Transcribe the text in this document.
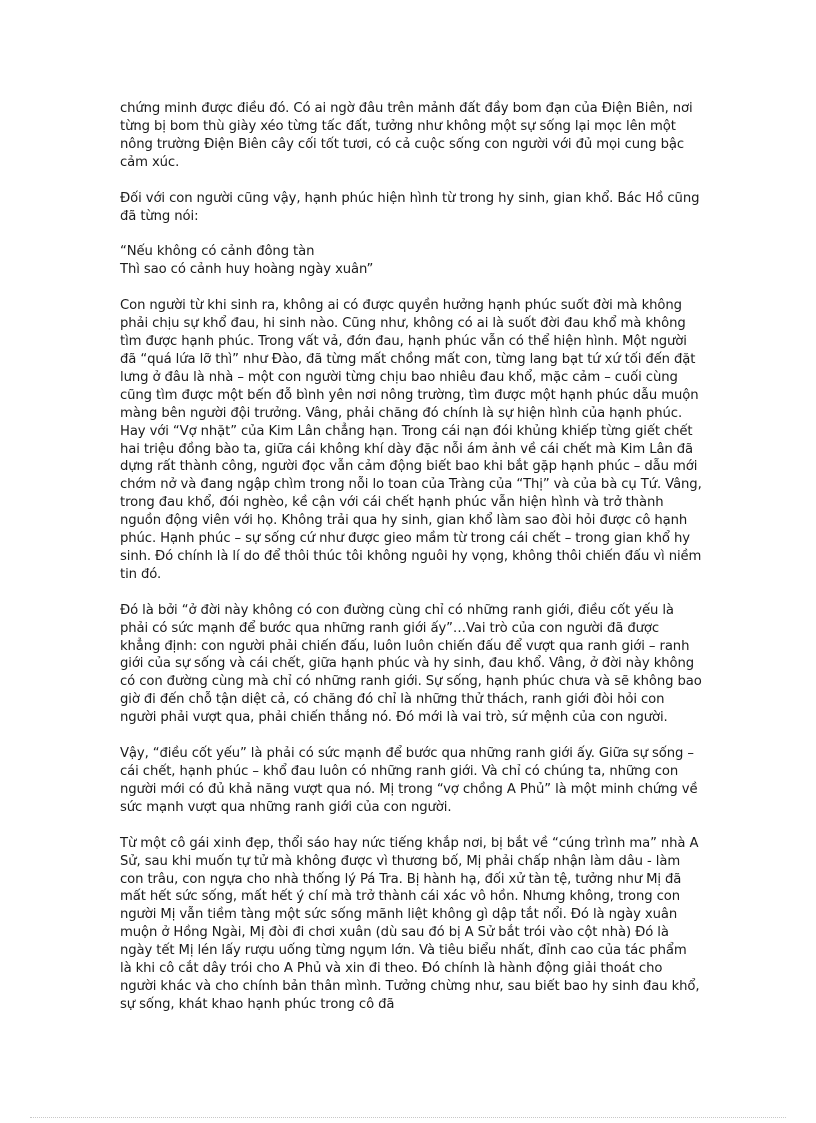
chứng minh được điều đó. Có ai ngờ đâu trên mảnh đất đầy bom đạn của Điện Biên, nơi từng bị bom thù giày xéo từng tấc đất, tưởng như không một sự sống lại mọc lên một nông trường Điện Biên cây cối tốt tươi, có cả cuộc sống con người với đủ mọi cung bậc cảm xúc.

Đối với con người cũng vậy, hạnh phúc hiện hình từ trong hy sinh, gian khổ. Bác Hồ cũng đã từng nói:

“Nếu không có cảnh đông tàn
Thì sao có cảnh huy hoàng ngày xuân”

Con người từ khi sinh ra, không ai có được quyền hưởng hạnh phúc suốt đời mà không phải chịu sự khổ đau, hi sinh nào. Cũng như, không có ai là suốt đời đau khổ mà không tìm được hạnh phúc. Trong vất vả, đớn đau, hạnh phúc vẫn có thể hiện hình. Một người đã “quá lứa lỡ thì” như Đào, đã từng mất chồng mất con, từng lang bạt tứ xứ tối đến đặt lưng ở đâu là nhà – một con người từng chịu bao nhiêu đau khổ, mặc cảm – cuối cùng cũng tìm được một bến đỗ bình yên nơi nông trường, tìm được một hạnh phúc dẫu muộn màng bên người đội trưởng. Vâng, phải chăng đó chính là sự hiện hình của hạnh phúc. Hay với “Vợ nhặt” của Kim Lân chẳng hạn. Trong cái nạn đói khủng khiếp từng giết chết hai triệu đồng bào ta, giữa cái không khí dày đặc nỗi ám ảnh về cái chết mà Kim Lân đã dựng rất thành công, người đọc vẫn cảm động biết bao khi bắt gặp hạnh phúc – dẫu mới chớm nở và đang ngập chìm trong nỗi lo toan của Tràng của “Thị” và của bà cụ Tứ. Vâng, trong đau khổ, đói nghèo, kề cận với cái chết hạnh phúc vẫn hiện hình và trở thành nguồn động viên với họ. Không trải qua hy sinh, gian khổ làm sao đòi hỏi được cô hạnh phúc. Hạnh phúc – sự sống cứ như được gieo mầm từ trong cái chết – trong gian khổ hy sinh. Đó chính là lí do để thôi thúc tôi không nguôi hy vọng, không thôi chiến đấu vì niềm tin đó.

Đó là bởi “ở đời này không có con đường cùng chỉ có những ranh giới, điều cốt yếu là phải có sức mạnh để bước qua những ranh giới ấy”…Vai trò của con người đã được khẳng định: con người phải chiến đấu, luôn luôn chiến đấu để vượt qua ranh giới – ranh giới của sự sống và cái chết, giữa hạnh phúc và hy sinh, đau khổ. Vâng, ở đời này không có con đường cùng mà chỉ có những ranh giới. Sự sống, hạnh phúc chưa và sẽ không bao giờ đi đến chỗ tận diệt cả, có chăng đó chỉ là những thử thách, ranh giới đòi hỏi con người phải vượt qua, phải chiến thắng nó. Đó mới là vai trò, sứ mệnh của con người.

Vậy, “điều cốt yếu” là phải có sức mạnh để bước qua những ranh giới ấy. Giữa sự sống – cái chết, hạnh phúc – khổ đau luôn có những ranh giới. Và chỉ có chúng ta, những con người mới có đủ khả năng vượt qua nó. Mị trong “vợ chồng A Phủ” là một minh chứng về sức mạnh vượt qua những ranh giới của con người.

Từ một cô gái xinh đẹp, thổi sáo hay nức tiếng khắp nơi, bị bắt về “cúng trình ma” nhà A Sử, sau khi muốn tự tử mà không được vì thương bố, Mị phải chấp nhận làm dâu - làm con trâu, con ngựa cho nhà thống lý Pá Tra. Bị hành hạ, đối xử tàn tệ, tưởng như Mị đã mất hết sức sống, mất hết ý chí mà trở thành cái xác vô hồn. Nhưng không, trong con người Mị vẫn tiềm tàng một sức sống mãnh liệt không gì dập tắt nổi. Đó là ngày xuân muộn ở Hồng Ngài, Mị đòi đi chơi xuân (dù sau đó bị A Sử bắt trói vào cột nhà) Đó là ngày tết Mị lén lấy rượu uống từng ngụm lớn. Và tiêu biểu nhất, đỉnh cao của tác phẩm là khi cô cắt dây trói cho A Phủ và xin đi theo. Đó chính là hành động giải thoát cho người khác và cho chính bản thân mình. Tưởng chừng như, sau biết bao hy sinh đau khổ, sự sống, khát khao hạnh phúc trong cô đã
